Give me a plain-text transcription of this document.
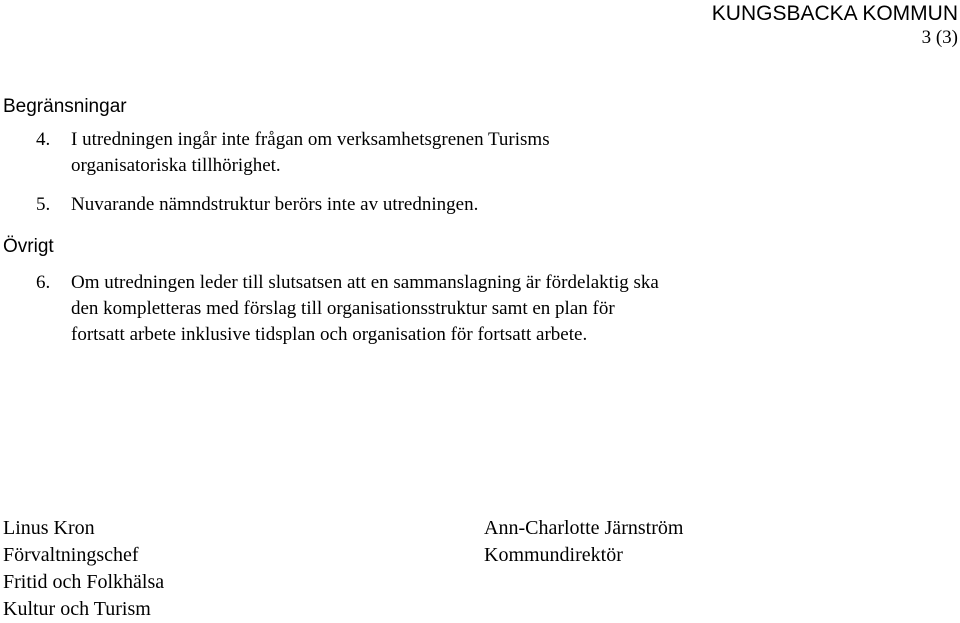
KUNGSBACKA KOMMUN
3 (3)
Begränsningar
4. I utredningen ingår inte frågan om verksamhetsgrenen Turisms
organisatoriska tillhörighet.
5. Nuvarande nämndstruktur berörs inte av utredningen.
Övrigt
6. Om utredningen leder till slutsatsen att en sammanslagning är fördelaktig ska
den kompletteras med förslag till organisationsstruktur samt en plan för
fortsatt arbete inklusive tidsplan och organisation för fortsatt arbete.
Linus Kron
Förvaltningschef
Fritid och Folkhälsa
Kultur och Turism
Ann-Charlotte Järnström
Kommundirektör
